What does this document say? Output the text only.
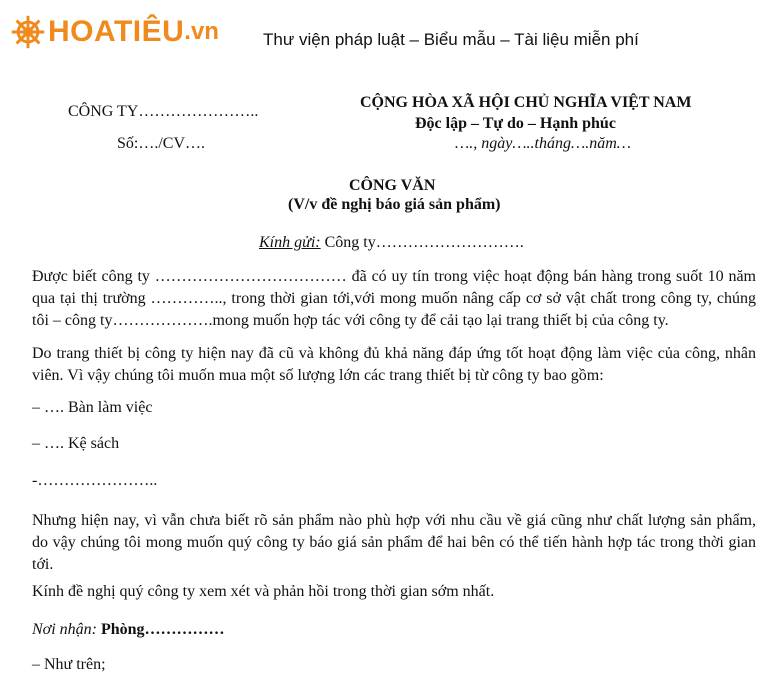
HOATIÊU .vn	Thư viện pháp luật – Biểu mẫu – Tài liệu miễn phí
CÔNG TY…………………..
Số:…./CV….
CỘNG HÒA XÃ HỘI CHỦ NGHĨA VIỆT NAM
Độc lập – Tự do – Hạnh phúc
…., ngày…..tháng….năm…
CÔNG VĂN
(V/v đề nghị báo giá sản phẩm)
Kính gửi: Công ty……………………….
Được biết công ty ……………………………… đã có uy tín trong việc hoạt động bán hàng trong suốt 10 năm qua tại thị trường ………….., trong thời gian tới,với mong muốn nâng cấp cơ sở vật chất trong công ty, chúng tôi – công ty……………….mong muốn hợp tác với công ty để cải tạo lại trang thiết bị của công ty.
Do trang thiết bị công ty hiện nay đã cũ và không đủ khả năng đáp ứng tốt hoạt động làm việc của công, nhân viên. Vì vậy chúng tôi muốn mua một số lượng lớn các trang thiết bị từ công ty bao gồm:
– …. Bàn làm việc
– …. Kệ sách
-…………………..
Nhưng hiện nay, vì vẫn chưa biết rõ sản phẩm nào phù hợp với nhu cầu về giá cũng như chất lượng sản phẩm, do vậy chúng tôi mong muốn quý công ty báo giá sản phẩm để hai bên có thể tiến hành hợp tác trong thời gian tới.
Kính đề nghị quý công ty xem xét và phản hồi trong thời gian sớm nhất.
Nơi nhận: Phòng……………
– Như trên;
